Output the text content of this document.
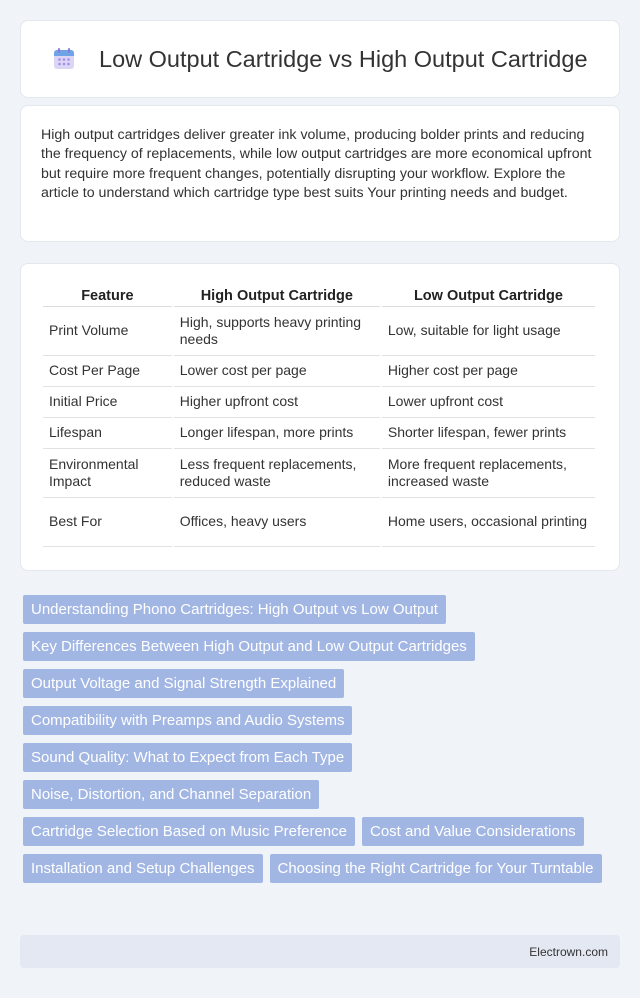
Low Output Cartridge vs High Output Cartridge

High output cartridges deliver greater ink volume, producing bolder prints and reducing the frequency of replacements, while low output cartridges are more economical upfront but require more frequent changes, potentially disrupting your workflow. Explore the article to understand which cartridge type best suits Your printing needs and budget.

Feature	High Output Cartridge	Low Output Cartridge
Print Volume	High, supports heavy printing needs	Low, suitable for light usage
Cost Per Page	Lower cost per page	Higher cost per page
Initial Price	Higher upfront cost	Lower upfront cost
Lifespan	Longer lifespan, more prints	Shorter lifespan, fewer prints
Environmental Impact	Less frequent replacements, reduced waste	More frequent replacements, increased waste
Best For	Offices, heavy users	Home users, occasional printing
Understanding Phono Cartridges: High Output vs Low Output
Key Differences Between High Output and Low Output Cartridges
Output Voltage and Signal Strength Explained
Compatibility with Preamps and Audio Systems
Sound Quality: What to Expect from Each Type
Noise, Distortion, and Channel Separation
Cartridge Selection Based on Music Preference	Cost and Value Considerations
Installation and Setup Challenges	Choosing the Right Cartridge for Your Turntable
Electrown.com
